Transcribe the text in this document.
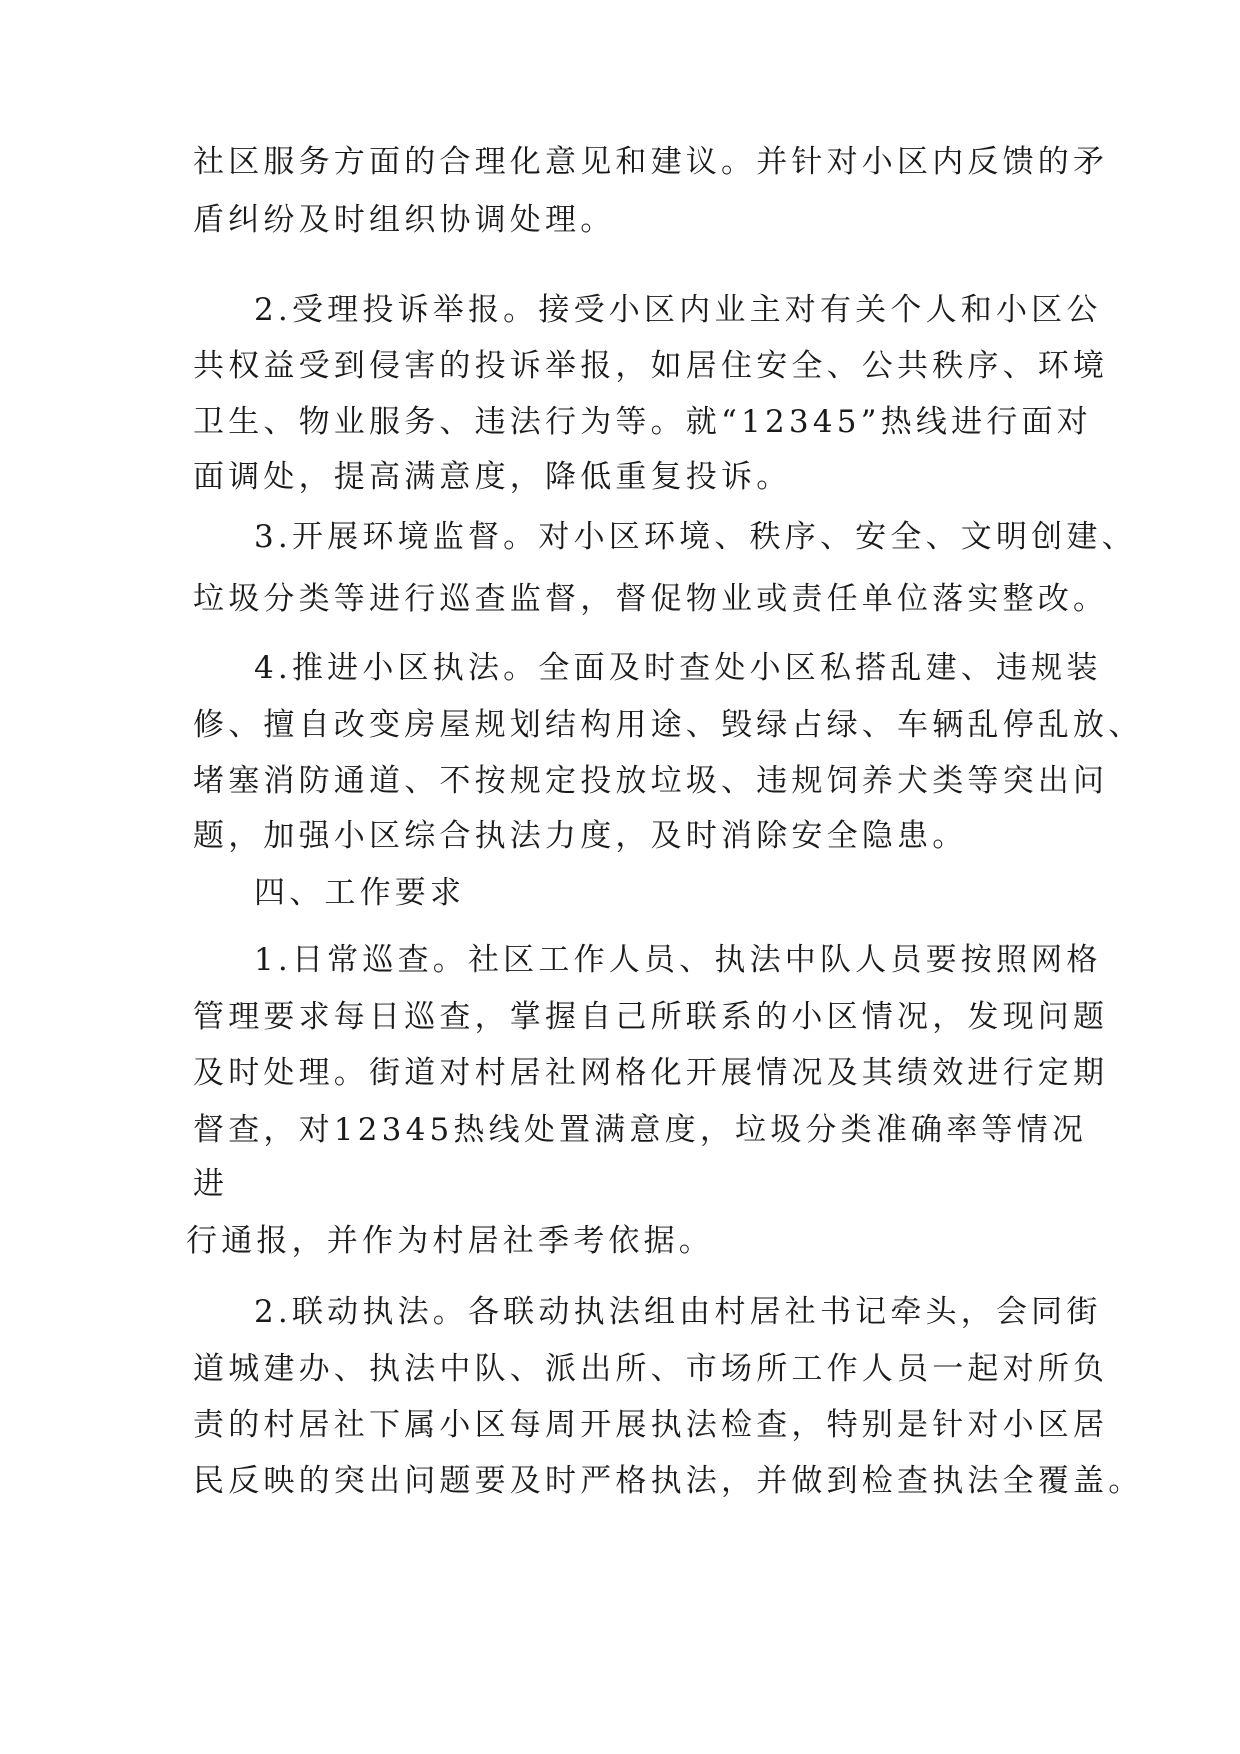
社区服务方面的合理化意见和建议。并针对小区内反馈的矛
盾纠纷及时组织协调处理。
2.受理投诉举报。接受小区内业主对有关个人和小区公
共权益受到侵害的投诉举报，如居住安全、公共秩序、环境
卫生、物业服务、违法行为等。就“12345”热线进行面对
面调处，提高满意度，降低重复投诉。
3.开展环境监督。对小区环境、秩序、安全、文明创建、
垃圾分类等进行巡查监督，督促物业或责任单位落实整改。
4.推进小区执法。全面及时查处小区私搭乱建、违规装
修、擅自改变房屋规划结构用途、毁绿占绿、车辆乱停乱放、
堵塞消防通道、不按规定投放垃圾、违规饲养犬类等突出问
题，加强小区综合执法力度，及时消除安全隐患。
四、工作要求
1.日常巡查。社区工作人员、执法中队人员要按照网格
管理要求每日巡查，掌握自己所联系的小区情况，发现问题
及时处理。街道对村居社网格化开展情况及其绩效进行定期
督查，对12345热线处置满意度，垃圾分类准确率等情况
进
行通报，并作为村居社季考依据。
2.联动执法。各联动执法组由村居社书记牵头，会同街
道城建办、执法中队、派出所、市场所工作人员一起对所负
责的村居社下属小区每周开展执法检查，特别是针对小区居
民反映的突出问题要及时严格执法，并做到检查执法全覆盖。
